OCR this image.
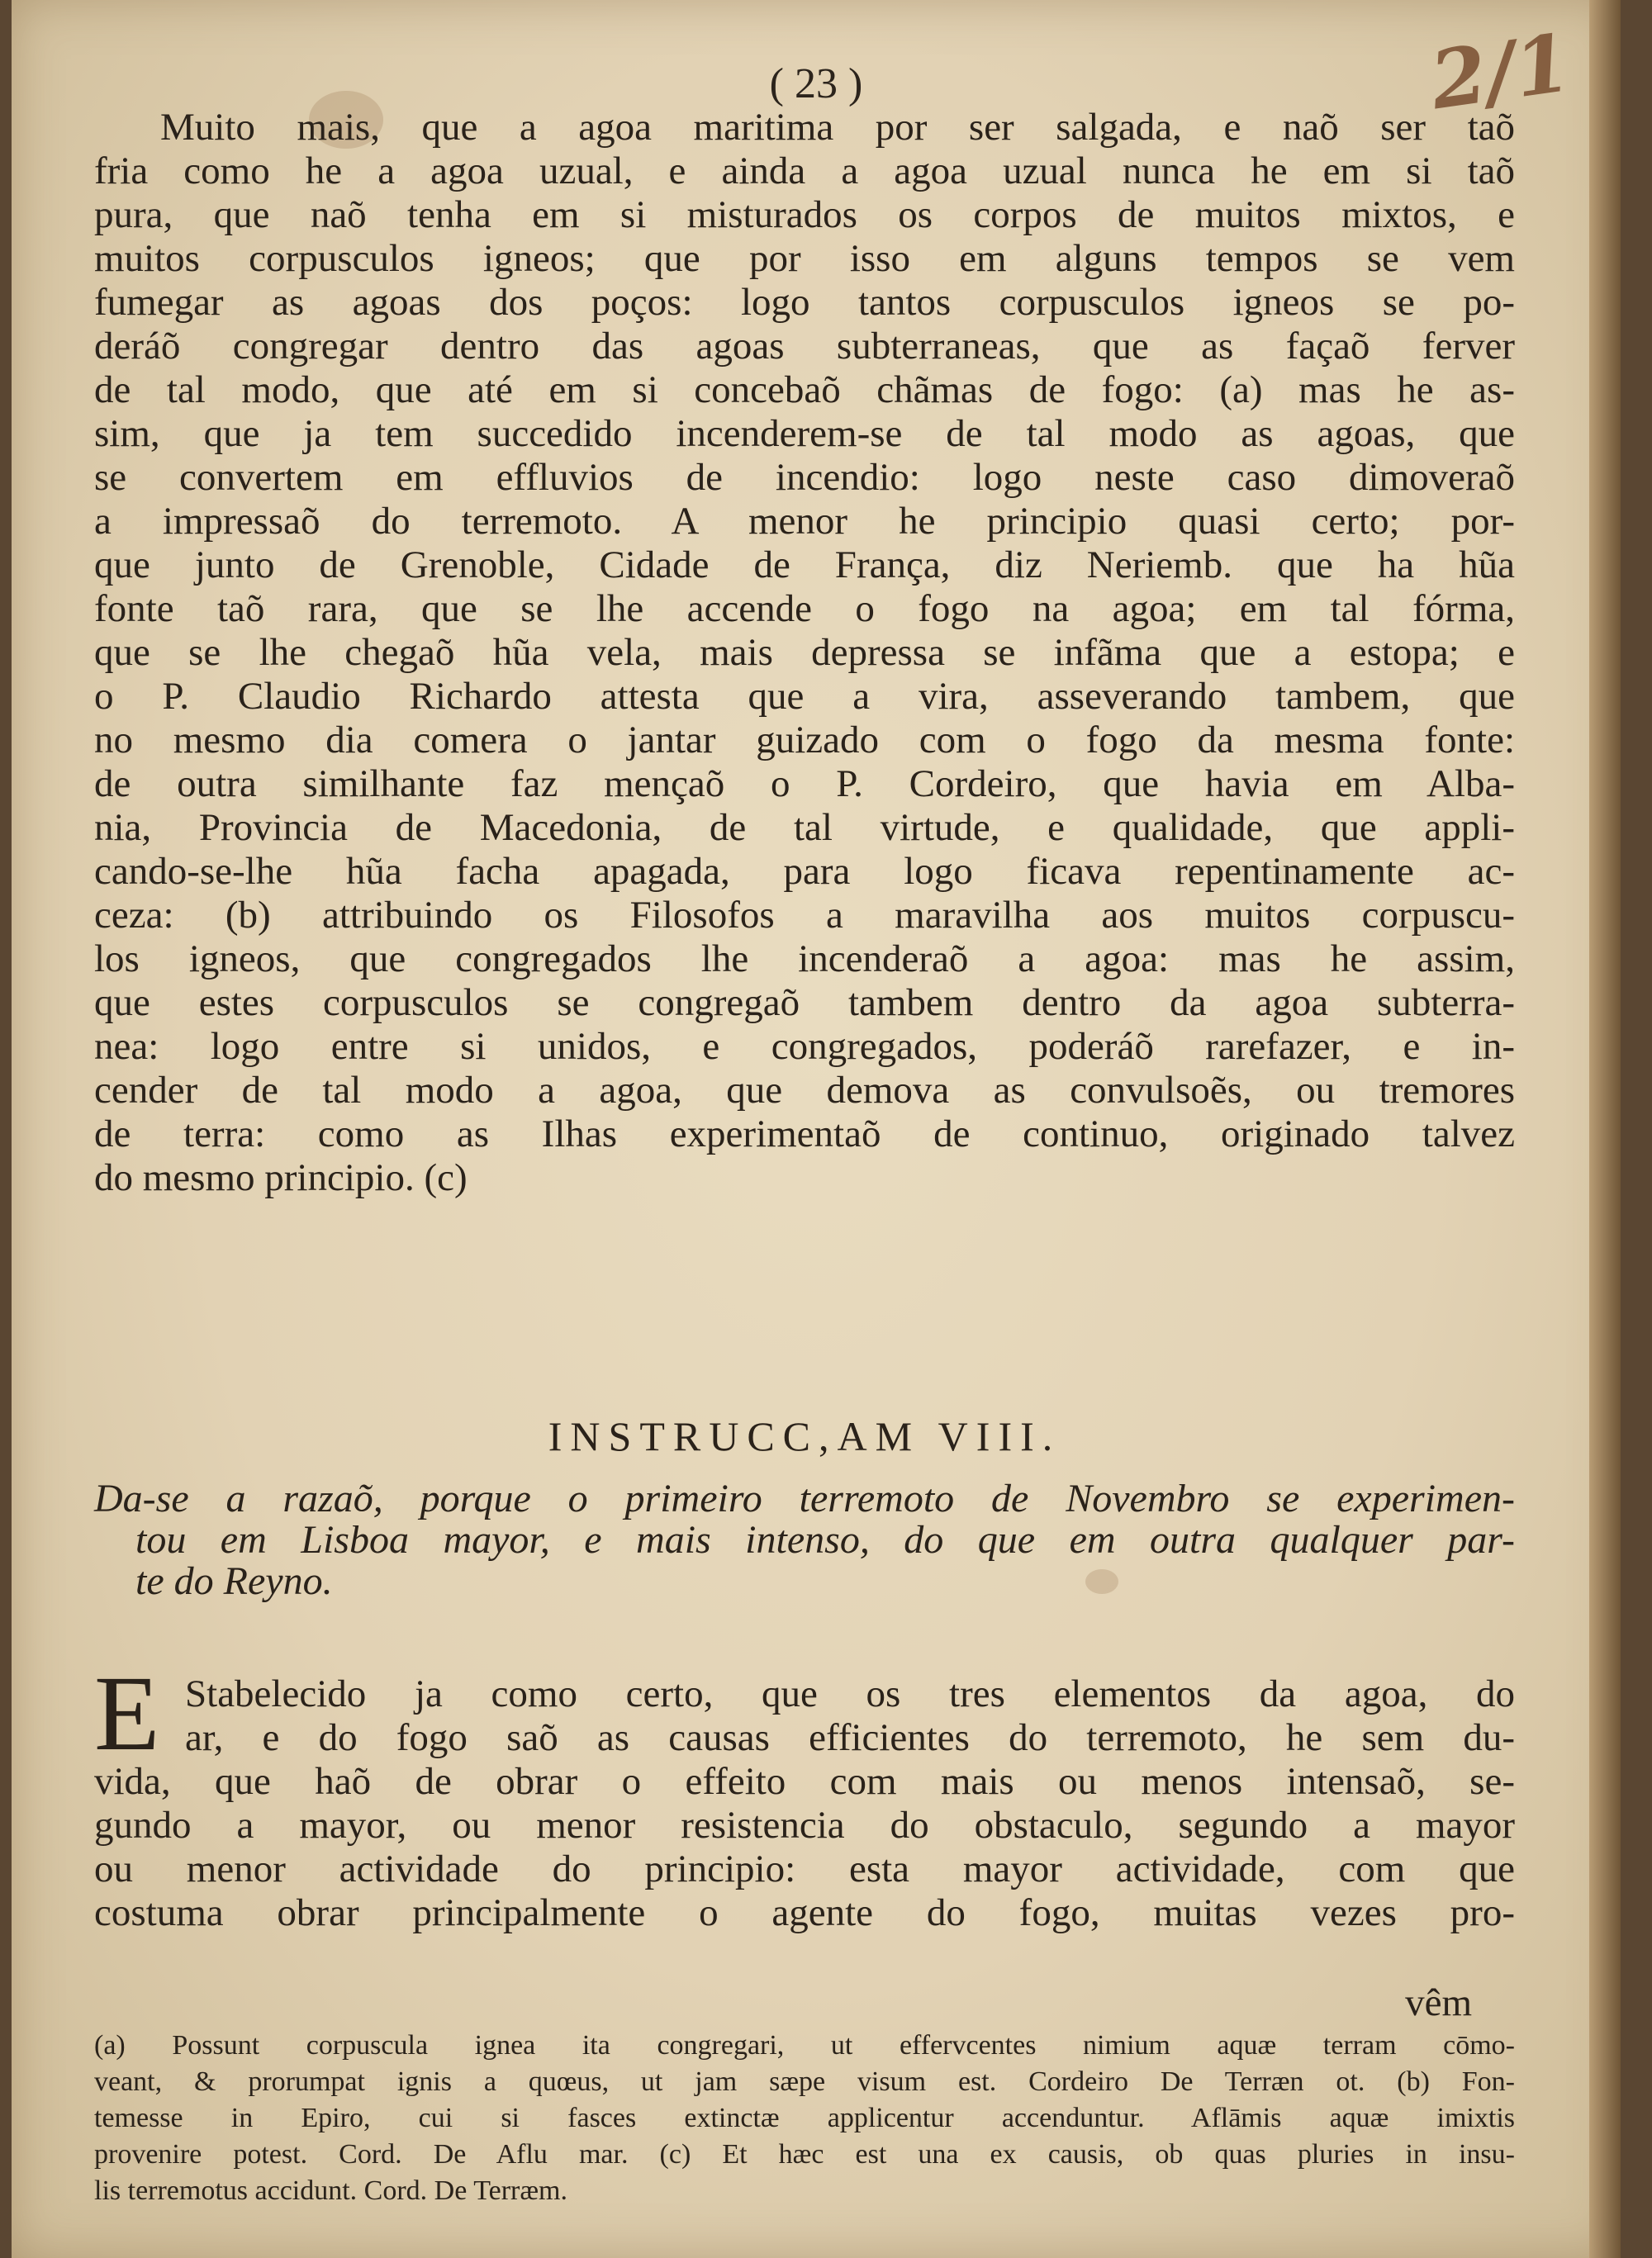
2/1
( 23 )
Muito mais, que a agoa maritima por ser salgada, e naõ ser taõ
fria como he a agoa uzual, e ainda a agoa uzual nunca he em si taõ
pura, que naõ tenha em si misturados os corpos de muitos mixtos, e
muitos corpusculos igneos; que por isso em alguns tempos se vem
fumegar as agoas dos poços: logo tantos corpusculos igneos se po-
deráõ congregar dentro das agoas subterraneas, que as façaõ ferver
de tal modo, que até em si concebaõ chãmas de fogo: (a) mas he as-
sim, que ja tem succedido incenderem-se de tal modo as agoas, que
se convertem em effluvios de incendio: logo neste caso dimoveraõ
a impressaõ do terremoto. A menor he principio quasi certo; por-
que junto de Grenoble, Cidade de França, diz Neriemb. que ha hũa
fonte taõ rara, que se lhe accende o fogo na agoa; em tal fórma,
que se lhe chegaõ hũa vela, mais depressa se infãma que a estopa; e
o P. Claudio Richardo attesta que a vira, asseverando tambem, que
no mesmo dia comera o jantar guizado com o fogo da mesma fonte:
de outra similhante faz mençaõ o P. Cordeiro, que havia em Alba-
nia, Provincia de Macedonia, de tal virtude, e qualidade, que appli-
cando-se-lhe hũa facha apagada, para logo ficava repentinamente ac-
ceza: (b) attribuindo os Filosofos a maravilha aos muitos corpuscu-
los igneos, que congregados lhe incenderaõ a agoa: mas he assim,
que estes corpusculos se congregaõ tambem dentro da agoa subterra-
nea: logo entre si unidos, e congregados, poderáõ rarefazer, e in-
cender de tal modo a agoa, que demova as convulsoẽs, ou tremores
de terra: como as Ilhas experimentaõ de continuo, originado talvez
do mesmo principio. (c)
INSTRUCC,AM VIII.
Da-se a razaõ, porque o primeiro terremoto de Novembro se experimen-
tou em Lisboa mayor, e mais intenso, do que em outra qualquer par-
te do Reyno.
E Stabelecido ja como certo, que os tres elementos da agoa, do
ar, e do fogo saõ as causas efficientes do terremoto, he sem du-
vida, que haõ de obrar o effeito com mais ou menos intensaõ, se-
gundo a mayor, ou menor resistencia do obstaculo, segundo a mayor
ou menor actividade do principio: esta mayor actividade, com que
costuma obrar principalmente o agente do fogo, muitas vezes pro-
vêm
(a) Possunt corpuscula ignea ita congregari, ut effervcentes nimium aquæ terram cōmo-
veant, & prorumpat ignis a quœus, ut jam sæpe visum est. Cordeiro De Terræn ot. (b) Fon-
temesse in Epiro, cui si fasces extinctæ applicentur accenduntur. Aflāmis aquæ imixtis
provenire potest. Cord. De Aflu mar. (c) Et hæc est una ex causis, ob quas pluries in insu-
lis terremotus accidunt. Cord. De Terræm.
